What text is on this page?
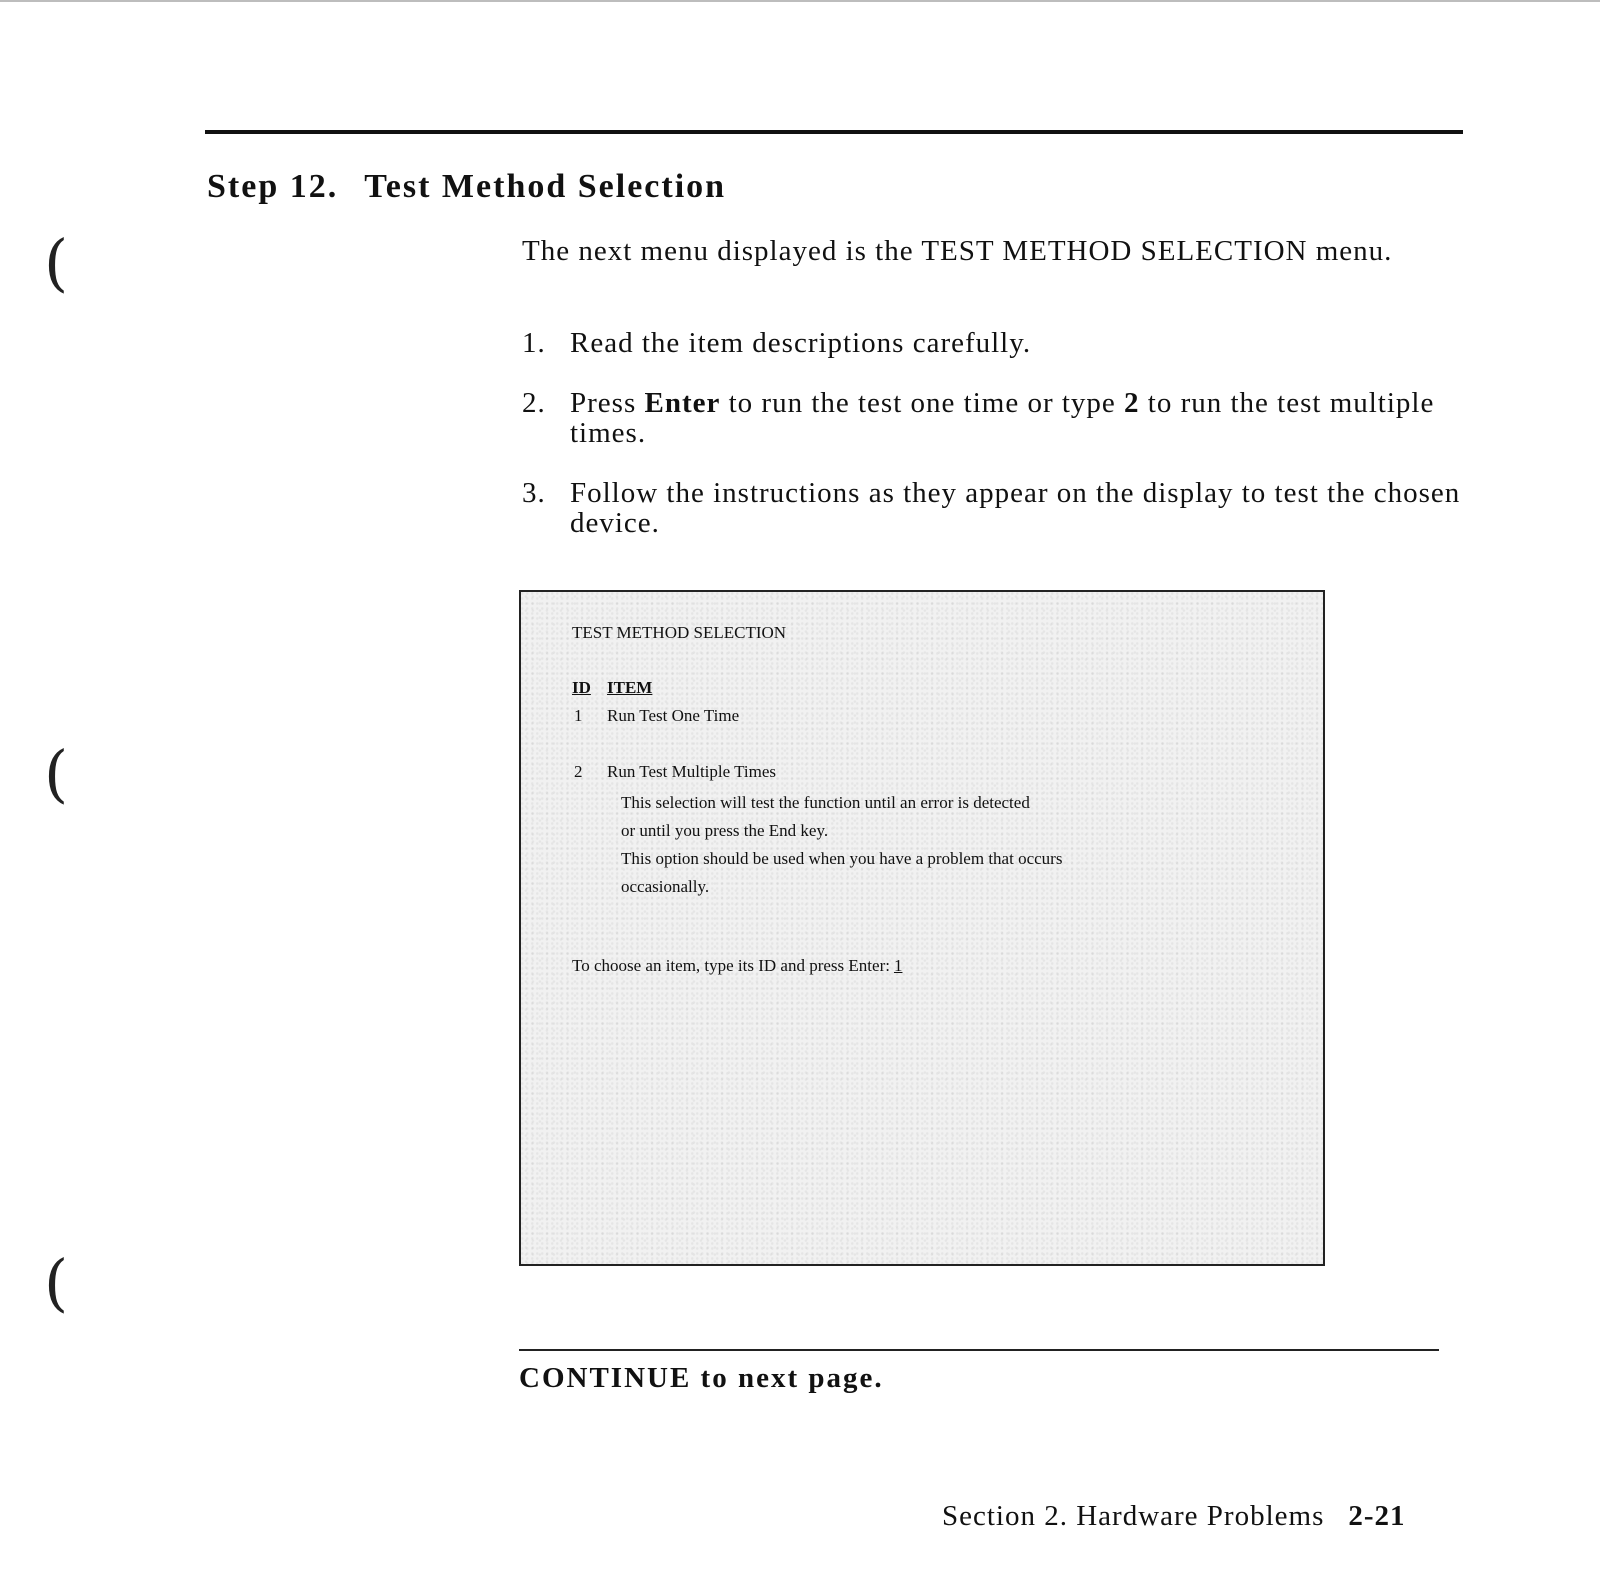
Step 12. Test Method Selection
(
(
(
The next menu displayed is the TEST METHOD SELECTION menu.
1. Read the item descriptions carefully.
2. Press Enter to run the test one time or type 2 to run the test multiple times.
3. Follow the instructions as they appear on the display to test the chosen device.
TEST METHOD SELECTION
ID ITEM
1 Run Test One Time
2 Run Test Multiple Times
This selection will test the function until an error is detected
or until you press the End key.
This option should be used when you have a problem that occurs
occasionally.
To choose an item, type its ID and press Enter: 1
CONTINUE to next page.
Section 2. Hardware Problems 2-21
